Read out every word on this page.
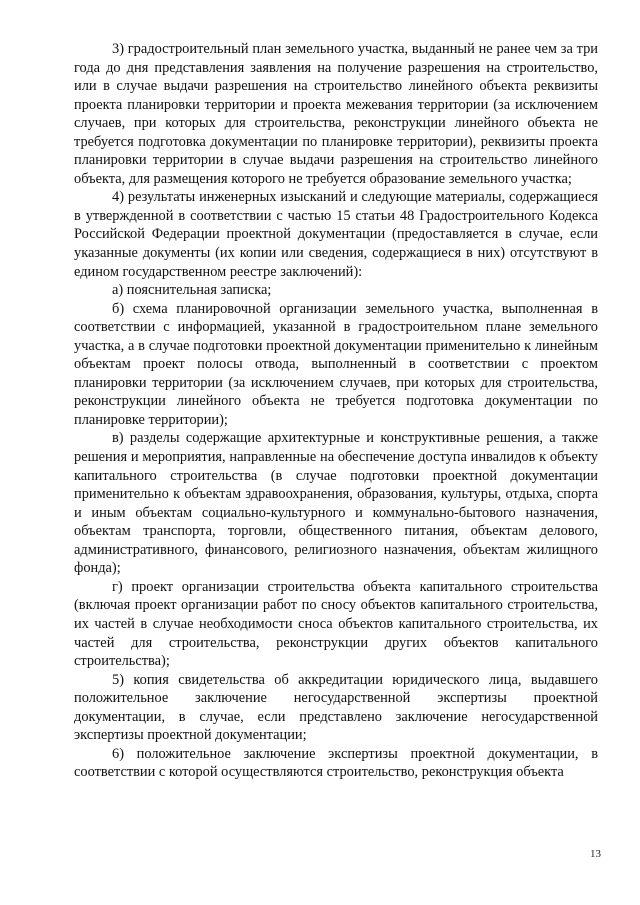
3) градостроительный план земельного участка, выданный не ранее чем за три года до дня представления заявления на получение разрешения на строительство, или в случае выдачи разрешения на строительство линейного объекта реквизиты проекта планировки территории и проекта межевания территории (за исключением случаев, при которых для строительства, реконструкции линейного объекта не требуется подготовка документации по планировке территории), реквизиты проекта планировки территории в случае выдачи разрешения на строительство линейного объекта, для размещения которого не требуется образование земельного участка;

4) результаты инженерных изысканий и следующие материалы, содержащиеся в утвержденной в соответствии с частью 15 статьи 48 Градостроительного Кодекса Российской Федерации проектной документации (предоставляется в случае, если указанные документы (их копии или сведения, содержащиеся в них) отсутствуют в едином государственном реестре заключений):

а) пояснительная записка;

б) схема планировочной организации земельного участка, выполненная в соответствии с информацией, указанной в градостроительном плане земельного участка, а в случае подготовки проектной документации применительно к линейным объектам проект полосы отвода, выполненный в соответствии с проектом планировки территории (за исключением случаев, при которых для строительства, реконструкции линейного объекта не требуется подготовка документации по планировке территории);

в) разделы содержащие архитектурные и конструктивные решения, а также решения и мероприятия, направленные на обеспечение доступа инвалидов к объекту капитального строительства (в случае подготовки проектной документации применительно к объектам здравоохранения, образования, культуры, отдыха, спорта и иным объектам социально-культурного и коммунально-бытового назначения, объектам транспорта, торговли, общественного питания, объектам делового, административного, финансового, религиозного назначения, объектам жилищного фонда);

г) проект организации строительства объекта капитального строительства (включая проект организации работ по сносу объектов капитального строительства, их частей в случае необходимости сноса объектов капитального строительства, их частей для строительства, реконструкции других объектов капитального строительства);

5) копия свидетельства об аккредитации юридического лица, выдавшего положительное заключение негосударственной экспертизы проектной документации, в случае, если представлено заключение негосударственной экспертизы проектной документации;

6) положительное заключение экспертизы проектной документации, в соответствии с которой осуществляются строительство, реконструкция объекта

13
